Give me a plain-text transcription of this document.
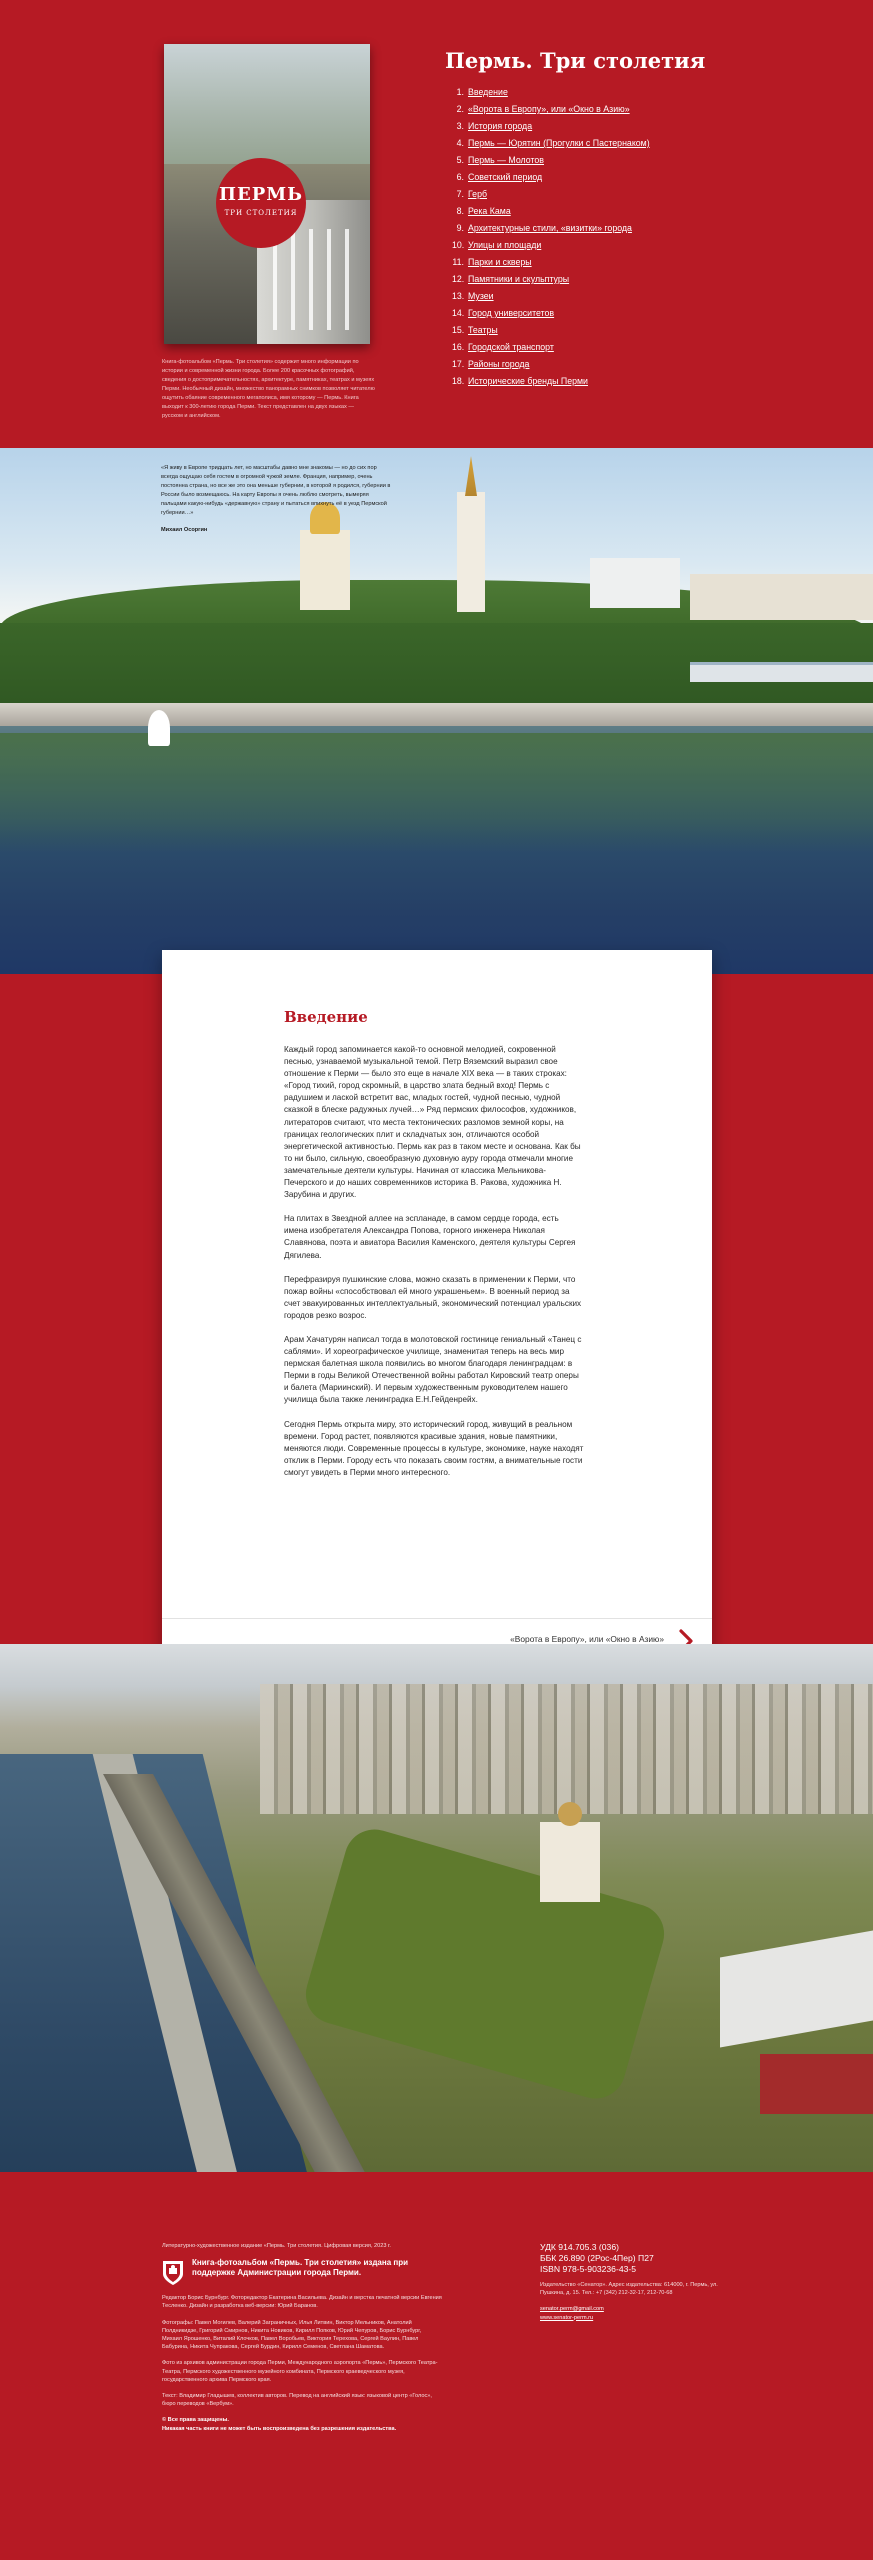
ПЕРМЬ
ТРИ СТОЛЕТИЯ

Книга-фотоальбом «Пермь. Три столетия» содержит много информации по истории и современной жизни города. Более 200 красочных фотографий, сведения о достопримечательностях, архитектуре, памятниках, театрах и музеях Перми. Необычный дизайн, множество панорамных снимков позволяет читателю ощутить обаяние современного мегаполиса, имя которому — Пермь. Книга выходит к 300-летию города Перми. Текст представлен на двух языках — русском и английском.

Пермь. Три столетия
1. Введение
2. «Ворота в Европу», или «Окно в Азию»
3. История города
4. Пермь — Юрятин (Прогулки с Пастернаком)
5. Пермь — Молотов
6. Советский период
7. Герб
8. Река Кама
9. Архитектурные стили, «визитки» города
10. Улицы и площади
11. Парки и скверы
12. Памятники и скульптуры
13. Музеи
14. Город университетов
15. Театры
16. Городской транспорт
17. Районы города
18. Исторические бренды Перми
«Я живу в Европе тридцать лет, но масштабы давно мне знакомы — но до сих пор всегда ощущаю себя гостем в огромной чужой земле. Франция, например, очень постоянна страна, но все же это она меньше губернии, в которой я родился, губернии в России было возмещаюсь. На карту Европы я очень люблю смотреть, вымеряя пальцами какую-нибудь «державную» страну и пытаться впихнуть её в уезд Пермской губернии…»
Михаил Осоргин
Введение

Каждый город запоминается какой-то основной мелодией, сокровенной песнью, узнаваемой музыкальной темой. Петр Вяземский выразил свое отношение к Перми — было это еще в начале XIX века — в таких строках: «Город тихий, город скромный, в царство злата бедный вход! Пермь с радушием и лаской встретит вас, младых гостей, чудной песнью, чудной сказкой в блеске радужных лучей…» Ряд пермских философов, художников, литераторов считают, что места тектонических разломов земной коры, на границах геологических плит и складчатых зон, отличаются особой энергетической активностью. Пермь как раз в таком месте и основана. Как бы то ни было, сильную, своеобразную духовную ауру города отмечали многие замечательные деятели культуры. Начиная от классика Мельникова-Печерского и до наших современников историка В. Ракова, художника Н. Зарубина и других.

На плитах в Звездной аллее на эспланаде, в самом сердце города, есть имена изобретателя Александра Попова, горного инженера Николая Славянова, поэта и авиатора Василия Каменского, деятеля культуры Сергея Дягилева.

Перефразируя пушкинские слова, можно сказать в применении к Перми, что пожар войны «способствовал ей много украшеньем». В военный период за счет эвакуированных интеллектуальный, экономический потенциал уральских городов резко возрос.

Арам Хачатурян написал тогда в молотовской гостинице гениальный «Танец с саблями». И хореографическое училище, знаменитая теперь на весь мир пермская балетная школа появились во многом благодаря ленинградцам: в Перми в годы Великой Отечественной войны работал Кировский театр оперы и балета (Мариинский). И первым художественным руководителем нашего училища была также ленинградка Е.Н.Гейденрейх.

Сегодня Пермь открыта миру, это исторический город, живущий в реальном времени. Город растет, появляются красивые здания, новые памятники, меняются люди. Современные процессы в культуре, экономике, науке находят отклик в Перми. Городу есть что показать своим гостям, а внимательные гости смогут увидеть в Перми много интересного.

«Ворота в Европу», или «Окно в Азию»
Литературно-художественное издание «Пермь. Три столетия. Цифровая версия, 2023 г.
Книга-фотоальбом «Пермь. Три столетия» издана при поддержке Администрации города Перми.
Редактор Борис Бурнбург. Фоторедактор Екатерина Васильева. Дизайн и верстка печатной версии Евгения Тесленко. Дизайн и разработка веб-версии: Юрий Баранов.
Фотографы: Павел Могилев, Валерий Заграничных, Илья Литвин, Виктор Мельников, Анатолий Полдникидзе, Григорий Смирнов, Никита Новиков, Кирилл Попков, Юрий Чепуров, Борис Бурнбург, Михаил Ярошенко, Виталий Клочков, Павел Воробьев, Виктория Терехова, Сергей Ваулин, Павел Бабурина, Никита Чупракова, Сергей Бурдин, Кирилл Семенов, Светлана Шаматова.
Фото из архивов администрации города Перми, Международного аэропорта «Пермь», Пермского Театра-Театра, Пермского художественного музейного комбината, Пермского краеведческого музея, государственного архива Пермского края.
Текст: Владимир Гладышев, коллектив авторов. Перевод на английский язык: языковой центр «Голос», бюро переводов «Вербум».
© Все права защищены.
Никакая часть книги не может быть воспроизведена без разрешения издательства.
УДК 914.705.3 (036)
ББК 26.890 (2Рос-4Пер) П27
ISBN 978-5-903236-43-5
Издательство «Сенатор». Адрес издательства: 614000, г. Пермь, ул. Пушкина, д. 15. Тел.: +7 (342) 212-32-17, 212-70-68
senator.perm@gmail.com
www.senator-perm.ru
